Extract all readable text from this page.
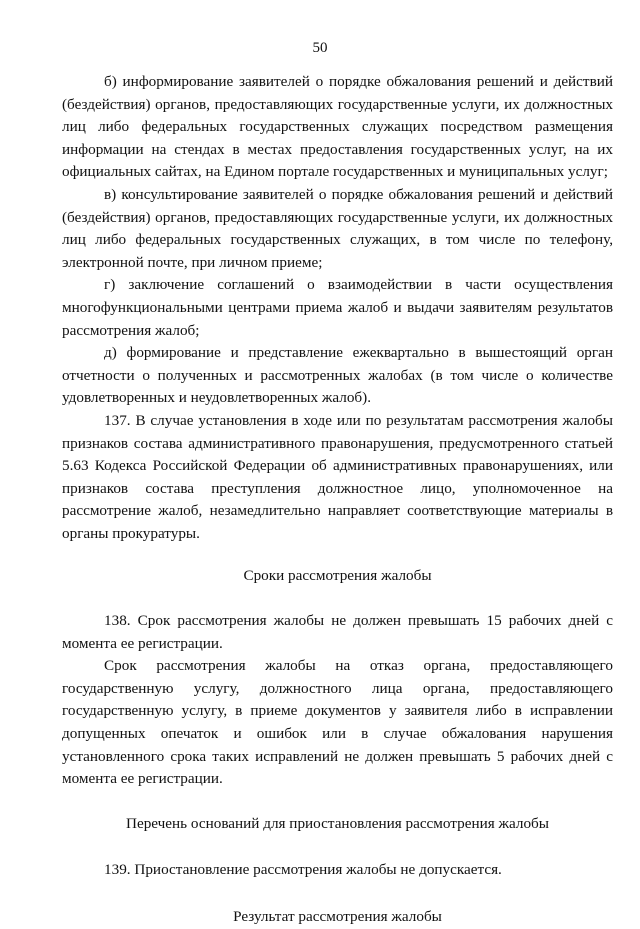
50

б) информирование заявителей о порядке обжалования решений и действий (бездействия) органов, предоставляющих государственные услуги, их должностных лиц либо федеральных государственных служащих посредством размещения информации на стендах в местах предоставления государственных услуг, на их официальных сайтах, на Едином портале государственных и муниципальных услуг;

в) консультирование заявителей о порядке обжалования решений и действий (бездействия) органов, предоставляющих государственные услуги, их должностных лиц либо федеральных государственных служащих, в том числе по телефону, электронной почте, при личном приеме;

г) заключение соглашений о взаимодействии в части осуществления многофункциональными центрами приема жалоб и выдачи заявителям результатов рассмотрения жалоб;

д) формирование и представление ежеквартально в вышестоящий орган отчетности о полученных и рассмотренных жалобах (в том числе о количестве удовлетворенных и неудовлетворенных жалоб).

137. В случае установления в ходе или по результатам рассмотрения жалобы признаков состава административного правонарушения, предусмотренного статьей 5.63 Кодекса Российской Федерации об административных правонарушениях, или признаков состава преступления должностное лицо, уполномоченное на рассмотрение жалоб, незамедлительно направляет соответствующие материалы в органы прокуратуры.

Сроки рассмотрения жалобы

138. Срок рассмотрения жалобы не должен превышать 15 рабочих дней с момента ее регистрации.

Срок рассмотрения жалобы на отказ органа, предоставляющего государственную услугу, должностного лица органа, предоставляющего государственную услугу, в приеме документов у заявителя либо в исправлении допущенных опечаток и ошибок или в случае обжалования нарушения установленного срока таких исправлений не должен превышать 5 рабочих дней с момента ее регистрации.

Перечень оснований для приостановления рассмотрения жалобы

139. Приостановление рассмотрения жалобы не допускается.

Результат рассмотрения жалобы
